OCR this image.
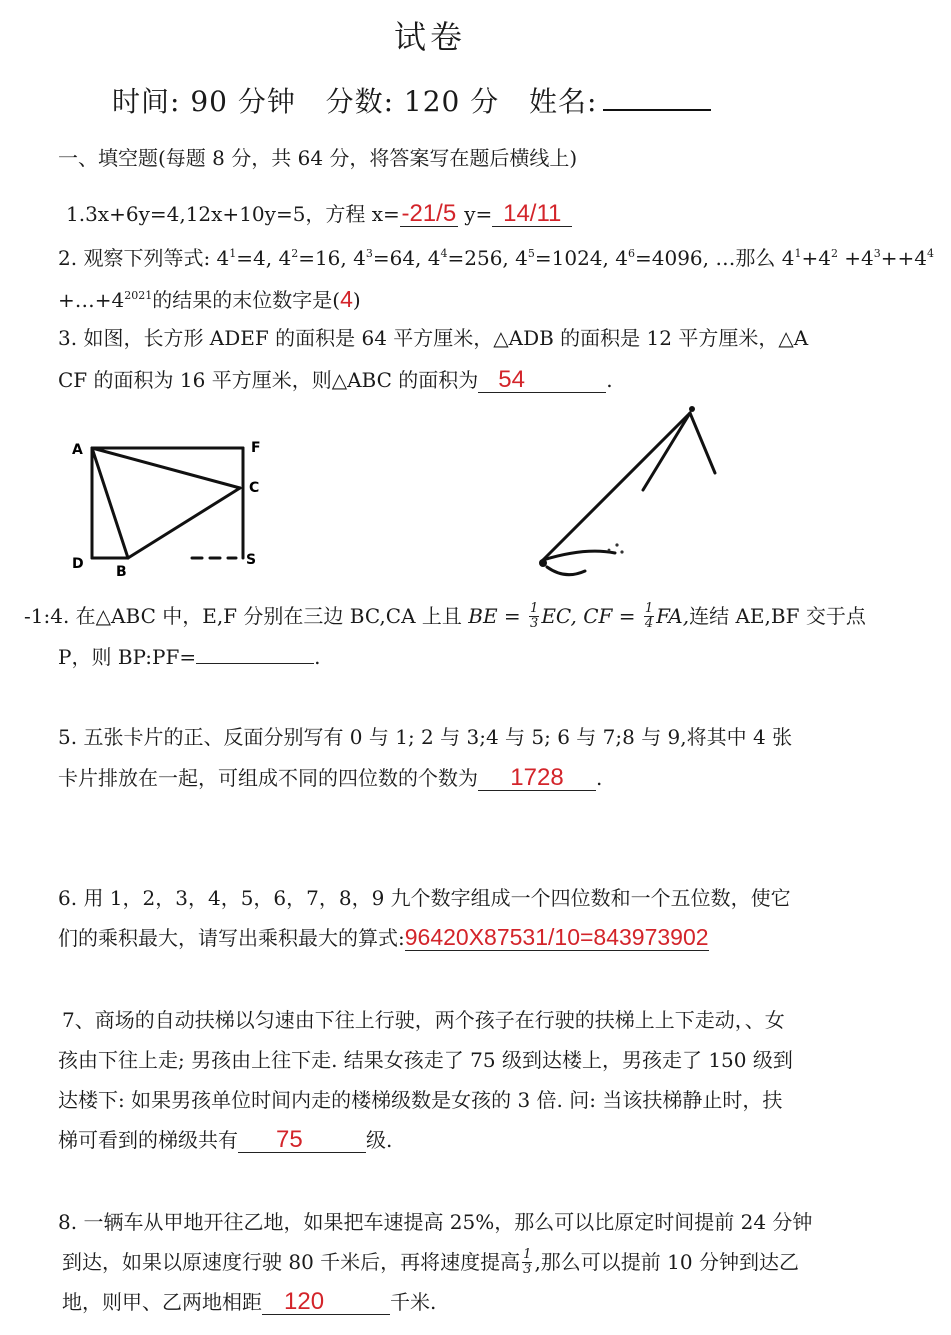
试卷
时间: 90 分钟 分数: 120 分 姓名:
一、填空题(每题 8 分，共 64 分，将答案写在题后横线上)
1.3x+6y=4,12x+10y=5，方程 x=-21/5 y= 14/11
2. 观察下列等式: $4^1=4$, $4^2=16$, $4^3=64$, $4^4=256$, $4^5=1024$, $4^6=4096$, …那么 $4^1+4^2 +4^3++4^4$
$+\dots+4^{2021}$的结果的末位数字是(4)
3. 如图，长方形 ADEF 的面积是 64 平方厘米，△ADB 的面积是 12 平方厘米，△A
CF 的面积为 16 平方厘米，则△ABC 的面积为 54	.
A	F
C
D B
S
-1: 4. 在△ABC 中，E,F 分别在三边 BC,CA 上且
BE =
$\frac{1}{3}$ EC, CF =
$\frac{1}{4}$ FA, 连结 AE,BF 交于点
P，则 BP:PF=	.
5. 五张卡片的正、反面分别写有 0 与 1; 2 与 3;4 与 5; 6 与 7;8 与 9,将其中 4 张
卡片排放在一起，可组成不同的四位数的个数为 1728 .
6. 用 1，2，3，4，5，6，7，8，9 九个数字组成一个四位数和一个五位数，使它
们的乘积最大，请写出乘积最大的算式:96420X87531/10=843973902
7、商场的自动扶梯以匀速由下往上行驶，两个孩子在行驶的扶梯上上下走动，、女
孩由下往上走; 男孩由上往下走. 结果女孩走了 75 级到达楼上，男孩走了 150 级到
达楼下: 如果男孩单位时间内走的楼梯级数是女孩的 3 倍. 问: 当该扶梯静止时，扶
梯可看到的梯级共有 75	级.
8. 一辆车从甲地开往乙地，如果把车速提高 25%，那么可以比原定时间提前 24 分钟
到达，如果以原速度行驶 80 千米后，再将速度提高 $\frac{1}{3}$ ,那么可以提前 10 分钟到达乙
地，则甲、乙两地相距 120	千米.
